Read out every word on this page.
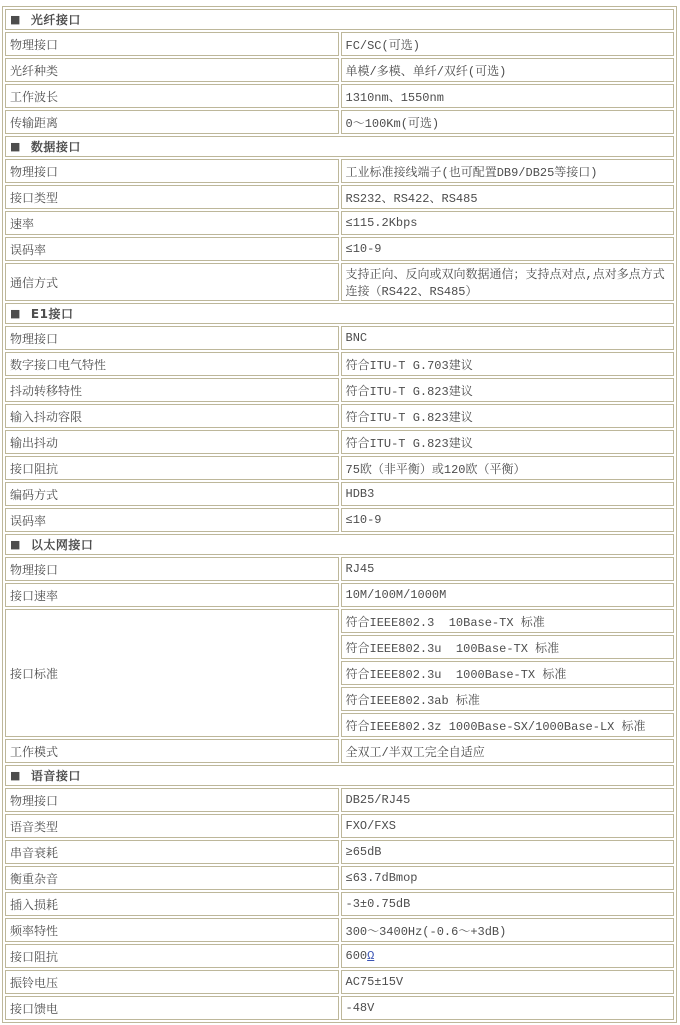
■ 光纤接口	
物理接口	FC/SC(可选)
光纤种类	单模/多模、单纤/双纤(可选)
工作波长	1310nm、1550nm
传输距离	0～100Km(可选)
■ 数据接口	
物理接口	工业标准接线端子(也可配置DB9/DB25等接口)
接口类型	RS232、RS422、RS485
速率	≤115.2Kbps
误码率	≤10-9
通信方式	支持正向、反向或双向数据通信；支持点对点,点对多点方式连接（RS422、RS485）
■ E1接口	
物理接口	BNC
数字接口电气特性	符合ITU-T G.703建议
抖动转移特性	符合ITU-T G.823建议
输入抖动容限	符合ITU-T G.823建议
输出抖动	符合ITU-T G.823建议
接口阻抗	75欧（非平衡）或120欧（平衡）
编码方式	HDB3
误码率	≤10-9
■ 以太网接口	
物理接口	RJ45
接口速率	10M/100M/1000M
接口标准	符合IEEE802.3  10Base-TX 标准
	符合IEEE802.3u  100Base-TX 标准
	符合IEEE802.3u  1000Base-TX 标准
	符合IEEE802.3ab 标准
	符合IEEE802.3z 1000Base-SX/1000Base-LX 标准
工作模式	全双工/半双工完全自适应
■ 语音接口	
物理接口	DB25/RJ45
语音类型	FXO/FXS
串音衰耗	≥65dB
衡重杂音	≤63.7dBmop
插入损耗	-3±0.75dB
频率特性	300～3400Hz(-0.6～+3dB)
接口阻抗	600Ω
振铃电压	AC75±15V
接口馈电	-48V
